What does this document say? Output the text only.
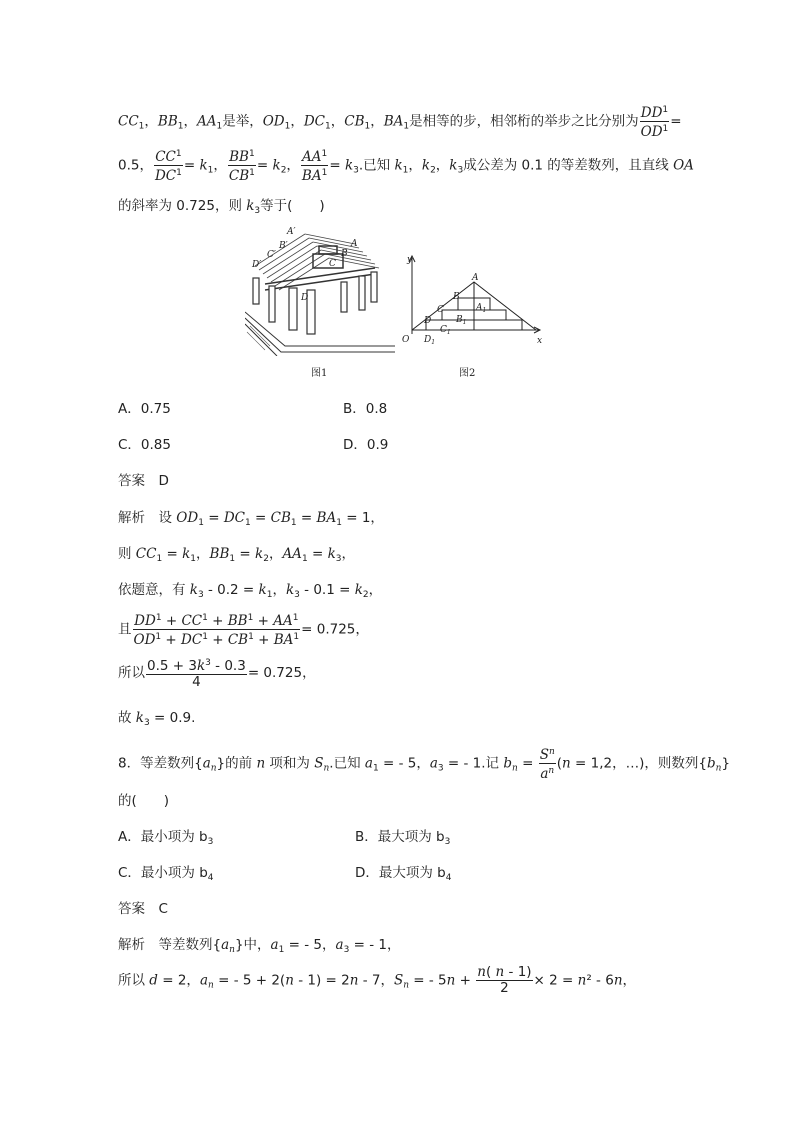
$CC_1$，$BB_1$，$AA_1$是举，$OD_1$，$DC_1$，$CB_1$，$BA_1$是相等的步，相邻桁的举步之比分别为 $\frac{DD^1}{OD^1}$ =
0.5， $\frac{CC^1}{DC^1} = k_1$， $\frac{BB^1}{CB^1} = k_2$， $\frac{AA^1}{BA^1} = k_3$.已知 $k_1$，$k_2$，$k_3$成公差为 0.1 的等差数列，且直线 OA
的斜率为 0.725，则 $k_3$等于(　　)
A′
B′
C′
D′
A
B
C
D
y
x
O
A
B
C
D
$A_1$
$B_1$
$C_1$
$D_1$
图1	图2
A．0.75	B．0.8
C．0.85	D．0.9
答案　 D
解析　设 $OD_1 = DC_1 = CB_1 = BA_1 = 1$，
则 $CC_1 = k_1$，$BB_1 = k_2$，$AA_1 = k_3$，
依题意，有 $k_3 - 0.2 = k_1$，$k_3 - 0.1 = k_2$，
且 $\frac{DD^1 + CC^1 + BB^1 + AA^1}{OD^1 + DC^1 + CB^1 + BA^1} = 0.725$，
所以 $\frac{0.5 + 3k^3 - 0.3}{4} = 0.725$，
故 $k_3 = 0.9$.
8．等差数列$\{a_n\}$的前 n 项和为 $S_n$.已知 $a_1$ = - 5，$a_3$ = - 1.记 $b_n = \frac{S^n}{a^n} (n = 1,2$，…)，则数列$\{b_n\}$
的(　　)
A．最小项为 $b_3$	B．最大项为 $b_3$
C．最小项为 $b_4$	D．最大项为 $b_4$
答案　 C
解析　等差数列$\{a_n\}$中，$a_1$ = - 5，$a_3$ = - 1，
所以 d = 2，$a_n$ = - 5 + 2(n - 1) = 2n - 7，$S_n$ = - $5n + \frac{n( n - 1)}{2} \times 2 = n^2 - 6n$，
